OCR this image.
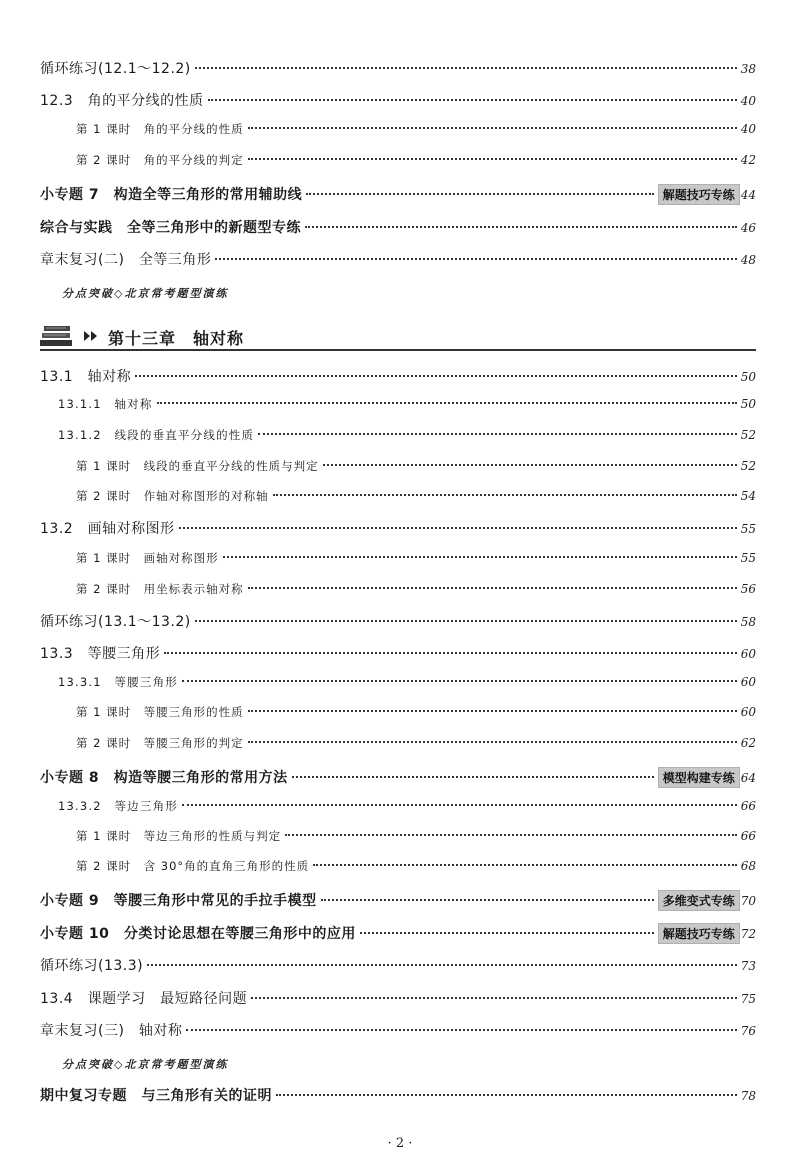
循环练习(12.1～12.2)	38
12.3　角的平分线的性质	40
第 1 课时　角的平分线的性质	40
第 2 课时　角的平分线的判定	42
小专题 7　构造全等三角形的常用辅助线	解题技巧专练 44
综合与实践　全等三角形中的新题型专练	46
章末复习(二)　全等三角形	48
分点突破◇北京常考题型演练
第十三章　轴对称
13.1　轴对称	50
13.1.1　轴对称	50
13.1.2　线段的垂直平分线的性质	52
第 1 课时　线段的垂直平分线的性质与判定	52
第 2 课时　作轴对称图形的对称轴	54
13.2　画轴对称图形	55
第 1 课时　画轴对称图形	55
第 2 课时　用坐标表示轴对称	56
循环练习(13.1～13.2)	58
13.3　等腰三角形	60
13.3.1　等腰三角形	60
第 1 课时　等腰三角形的性质	60
第 2 课时　等腰三角形的判定	62
小专题 8　构造等腰三角形的常用方法	模型构建专练 64
13.3.2　等边三角形	66
第 1 课时　等边三角形的性质与判定	66
第 2 课时　含 30°角的直角三角形的性质	68
小专题 9　等腰三角形中常见的手拉手模型	多维变式专练 70
小专题 10　分类讨论思想在等腰三角形中的应用	解题技巧专练 72
循环练习(13.3)	73
13.4　课题学习　最短路径问题	75
章末复习(三)　轴对称	76
分点突破◇北京常考题型演练
期中复习专题　与三角形有关的证明	78
· 2 ·
